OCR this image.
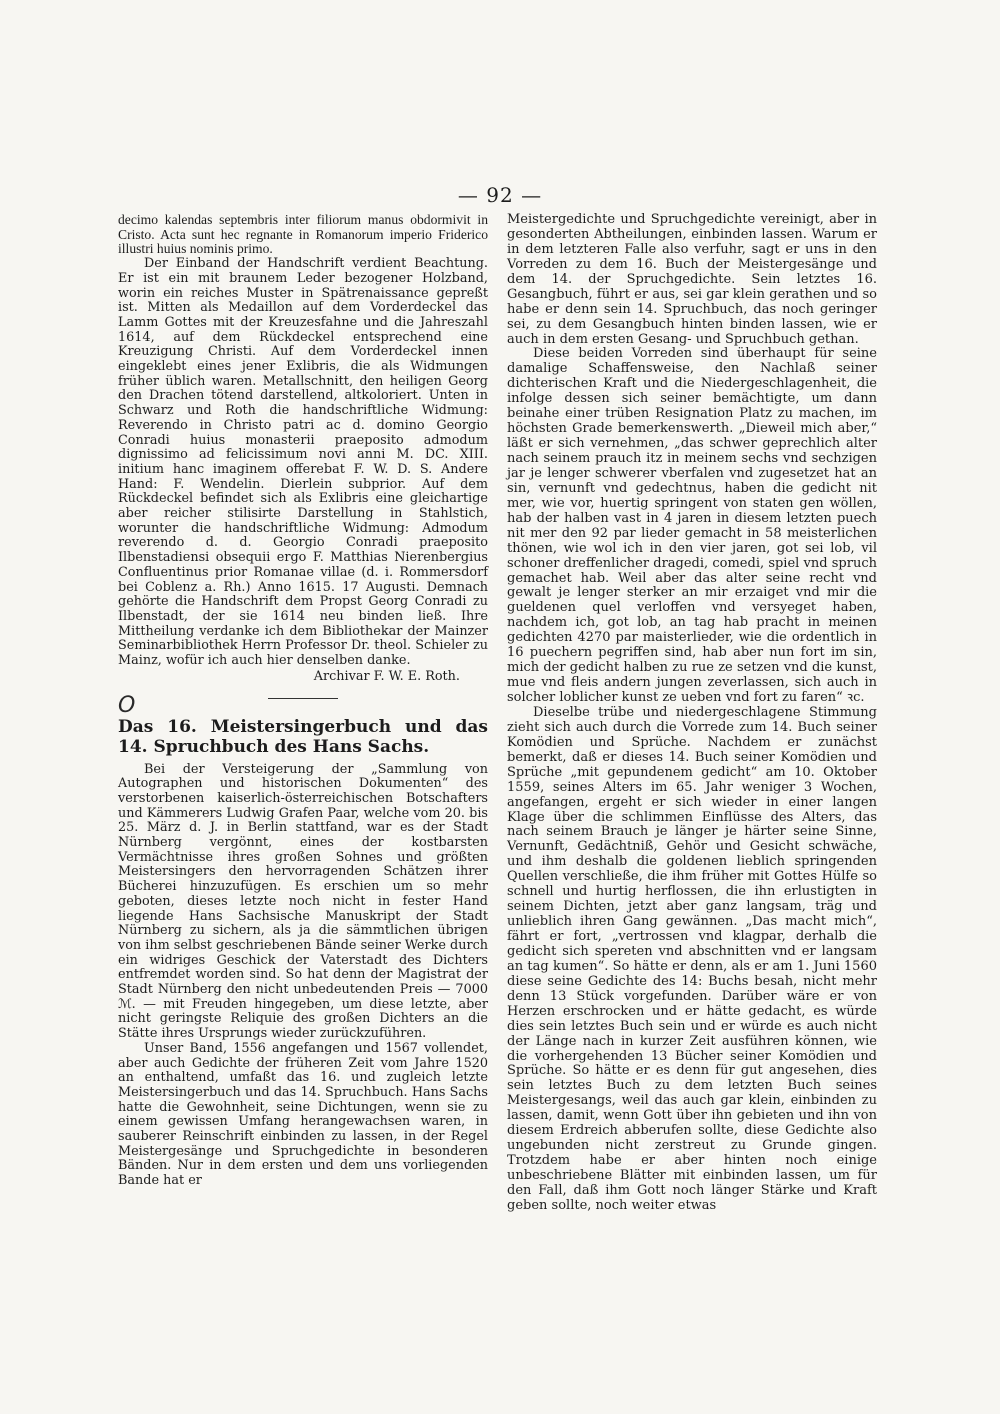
— 92 —

decimo kalendas septembris inter filiorum manus obdormivit in Cristo. Acta sunt hec regnante in Romanorum imperio Friderico illustri huius nominis primo.

Der Einband der Handschrift verdient Beachtung. Er ist ein mit braunem Leder bezogener Holzband, worin ein reiches Muster in Spätrenaissance gepreßt ist. Mitten als Medaillon auf dem Vorderdeckel das Lamm Gottes mit der Kreuzesfahne und die Jahreszahl 1614, auf dem Rückdeckel entsprechend eine Kreuzigung Christi. Auf dem Vorderdeckel innen eingeklebt eines jener Exlibris, die als Widmungen früher üblich waren. Metallschnitt, den heiligen Georg den Drachen tötend darstellend, altkoloriert. Unten in Schwarz und Roth die handschriftliche Widmung: Reverendo in Christo patri ac d. domino Georgio Conradi huius monasterii praeposito admodum dignissimo ad felicissimum novi anni M. DC. XIII. initium hanc imaginem offerebat F. W. D. S. Andere Hand: F. Wendelin. Dierlein subprior. Auf dem Rückdeckel befindet sich als Exlibris eine gleichartige aber reicher stilisirte Darstellung in Stahlstich, worunter die handschriftliche Widmung: Admodum reverendo d. d. Georgio Conradi praeposito Ilbenstadiensi obsequii ergo F. Matthias Nierenbergius Confluentinus prior Romanae villae (d. i. Rommersdorf bei Coblenz a. Rh.) Anno 1615. 17 Augusti. Demnach gehörte die Handschrift dem Propst Georg Conradi zu Ilbenstadt, der sie 1614 neu binden ließ. Ihre Mittheilung verdanke ich dem Bibliothekar der Mainzer Seminarbibliothek Herrn Professor Dr. theol. Schieler zu Mainz, wofür ich auch hier denselben danke.

Archivar F. W. E. Roth.

O
Das 16. Meistersingerbuch und das 14. Spruchbuch des Hans Sachs.

Bei der Versteigerung der „Sammlung von Autographen und historischen Dokumenten“ des verstorbenen kaiserlich-österreichischen Botschafters und Kämmerers Ludwig Grafen Paar, welche vom 20. bis 25. März d. J. in Berlin stattfand, war es der Stadt Nürnberg vergönnt, eines der kostbarsten Vermächtnisse ihres großen Sohnes und größten Meistersingers den hervorragenden Schätzen ihrer Bücherei hinzuzufügen. Es erschien um so mehr geboten, dieses letzte noch nicht in fester Hand liegende Hans Sachsische Manuskript der Stadt Nürnberg zu sichern, als ja die sämmtlichen übrigen von ihm selbst geschriebenen Bände seiner Werke durch ein widriges Geschick der Vaterstadt des Dichters entfremdet worden sind. So hat denn der Magistrat der Stadt Nürnberg den nicht unbedeutenden Preis — 7000 ℳ. — mit Freuden hingegeben, um diese letzte, aber nicht geringste Reliquie des großen Dichters an die Stätte ihres Ursprungs wieder zurückzuführen.

Unser Band, 1556 angefangen und 1567 vollendet, aber auch Gedichte der früheren Zeit vom Jahre 1520 an enthaltend, umfaßt das 16. und zugleich letzte Meistersingerbuch und das 14. Spruchbuch. Hans Sachs hatte die Gewohnheit, seine Dichtungen, wenn sie zu einem gewissen Umfang herangewachsen waren, in sauberer Reinschrift einbinden zu lassen, in der Regel Meistergesänge und Spruchgedichte in besonderen Bänden. Nur in dem ersten und dem uns vorliegenden Bande hat er

Meistergedichte und Spruchgedichte vereinigt, aber in gesonderten Abtheilungen, einbinden lassen. Warum er in dem letzteren Falle also verfuhr, sagt er uns in den Vorreden zu dem 16. Buch der Meistergesänge und dem 14. der Spruchgedichte. Sein letztes 16. Gesangbuch, führt er aus, sei gar klein gerathen und so habe er denn sein 14. Spruchbuch, das noch geringer sei, zu dem Gesangbuch hinten binden lassen, wie er auch in dem ersten Gesang- und Spruchbuch gethan.

Diese beiden Vorreden sind überhaupt für seine damalige Schaffensweise, den Nachlaß seiner dichterischen Kraft und die Niedergeschlagenheit, die infolge dessen sich seiner bemächtigte, um dann beinahe einer trüben Resignation Platz zu machen, im höchsten Grade bemerkenswerth. „Dieweil mich aber,“ läßt er sich vernehmen, „das schwer geprechlich alter nach seinem prauch itz in meinem sechs vnd sechzigen jar je lenger schwerer vberfalen vnd zugesetzet hat an sin, vernunft vnd gedechtnus, haben die gedicht nit mer, wie vor, huertig springent von staten gen wöllen, hab der halben vast in 4 jaren in diesem letzten puech nit mer den 92 par lieder gemacht in 58 meisterlichen thönen, wie wol ich in den vier jaren, got sei lob, vil schoner dreffenlicher dragedi, comedi, spiel vnd spruch gemachet hab. Weil aber das alter seine recht vnd gewalt je lenger sterker an mir erzaiget vnd mir die gueldenen quel verloffen vnd versyeget haben, nachdem ich, got lob, an tag hab pracht in meinen gedichten 4270 par maisterlieder, wie die ordentlich in 16 puechern pegriffen sind, hab aber nun fort im sin, mich der gedicht halben zu rue ze setzen vnd die kunst, mue vnd fleis andern jungen zeverlassen, sich auch in solcher loblicher kunst ze ueben vnd fort zu faren“ ꝛc.

Dieselbe trübe und niedergeschlagene Stimmung zieht sich auch durch die Vorrede zum 14. Buch seiner Komödien und Sprüche. Nachdem er zunächst bemerkt, daß er dieses 14. Buch seiner Komödien und Sprüche „mit gepundenem gedicht“ am 10. Oktober 1559, seines Alters im 65. Jahr weniger 3 Wochen, angefangen, ergeht er sich wieder in einer langen Klage über die schlimmen Einflüsse des Alters, das nach seinem Brauch je länger je härter seine Sinne, Vernunft, Gedächtniß, Gehör und Gesicht schwäche, und ihm deshalb die goldenen lieblich springenden Quellen verschließe, die ihm früher mit Gottes Hülfe so schnell und hurtig herflossen, die ihn erlustigten in seinem Dichten, jetzt aber ganz langsam, träg und unlieblich ihren Gang gewännen. „Das macht mich“, fährt er fort, „vertrossen vnd klagpar, derhalb die gedicht sich spereten vnd abschnitten vnd er langsam an tag kumen“. So hätte er denn, als er am 1. Juni 1560 diese seine Gedichte des 14: Buchs besah, nicht mehr denn 13 Stück vorgefunden. Darüber wäre er von Herzen erschrocken und er hätte gedacht, es würde dies sein letztes Buch sein und er würde es auch nicht der Länge nach in kurzer Zeit ausführen können, wie die vorhergehenden 13 Bücher seiner Komödien und Sprüche. So hätte er es denn für gut angesehen, dies sein letztes Buch zu dem letzten Buch seines Meistergesangs, weil das auch gar klein, einbinden zu lassen, damit, wenn Gott über ihn gebieten und ihn von diesem Erdreich abberufen sollte, diese Gedichte also ungebunden nicht zerstreut zu Grunde gingen. Trotzdem habe er aber hinten noch einige unbeschriebene Blätter mit einbinden lassen, um für den Fall, daß ihm Gott noch länger Stärke und Kraft geben sollte, noch weiter etwas
